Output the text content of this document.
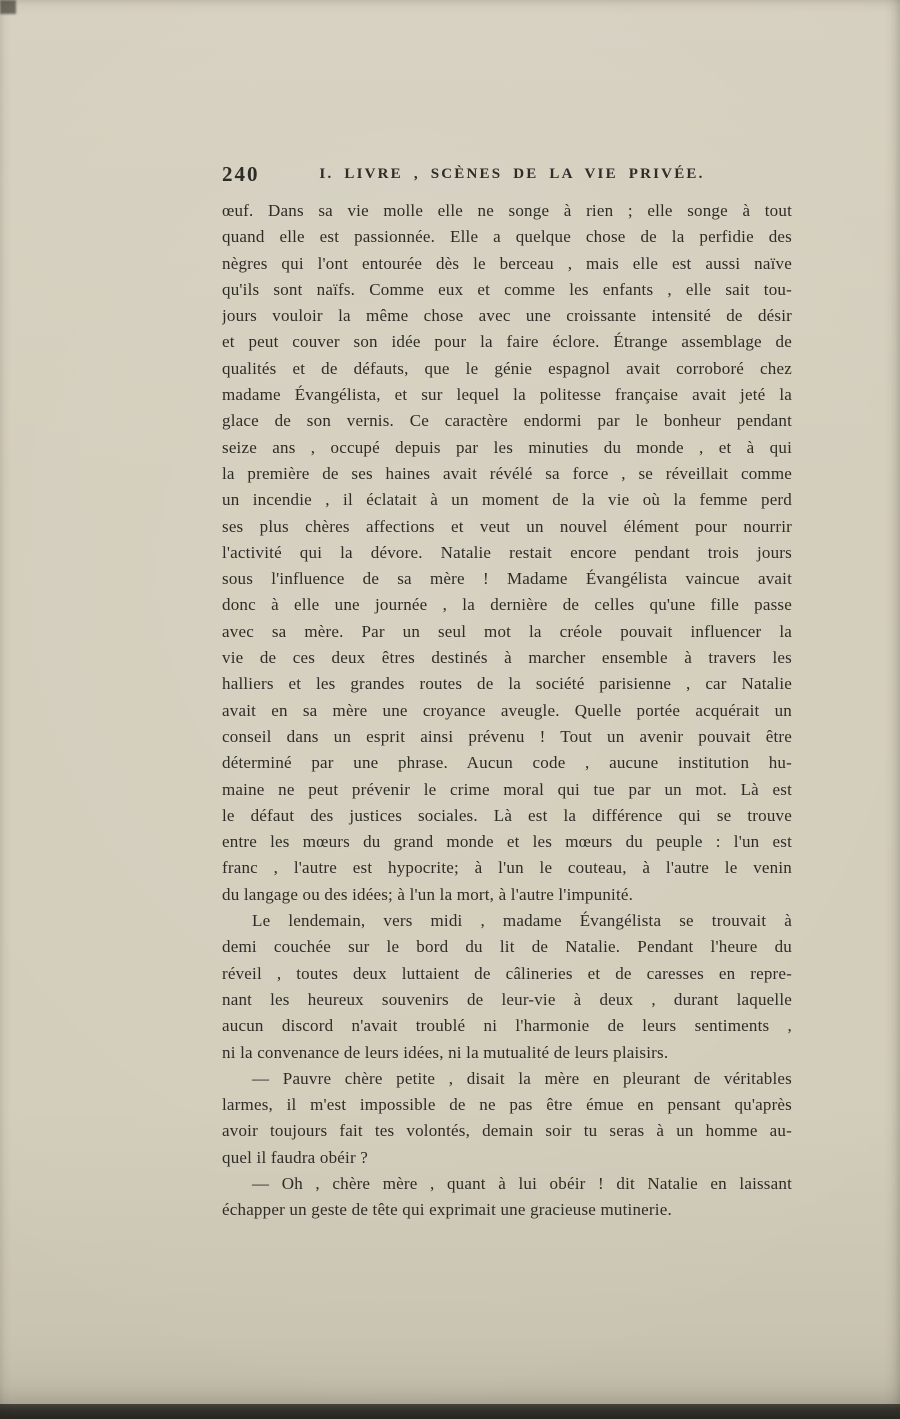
240	I. LIVRE , SCÈNES DE LA VIE PRIVÉE.
œuf. Dans sa vie molle elle ne songe à rien ; elle songe à tout
quand elle est passionnée. Elle a quelque chose de la perfidie des
nègres qui l'ont entourée dès le berceau , mais elle est aussi naïve
qu'ils sont naïfs. Comme eux et comme les enfants , elle sait tou-
jours vouloir la même chose avec une croissante intensité de désir
et peut couver son idée pour la faire éclore. Étrange assemblage de
qualités et de défauts, que le génie espagnol avait corroboré chez
madame Évangélista, et sur lequel la politesse française avait jeté la
glace de son vernis. Ce caractère endormi par le bonheur pendant
seize ans , occupé depuis par les minuties du monde , et à qui
la première de ses haines avait révélé sa force , se réveillait comme
un incendie , il éclatait à un moment de la vie où la femme perd
ses plus chères affections et veut un nouvel élément pour nourrir
l'activité qui la dévore. Natalie restait encore pendant trois jours
sous l'influence de sa mère ! Madame Évangélista vaincue avait
donc à elle une journée , la dernière de celles qu'une fille passe
avec sa mère. Par un seul mot la créole pouvait influencer la
vie de ces deux êtres destinés à marcher ensemble à travers les
halliers et les grandes routes de la société parisienne , car Natalie
avait en sa mère une croyance aveugle. Quelle portée acquérait un
conseil dans un esprit ainsi prévenu ! Tout un avenir pouvait être
déterminé par une phrase. Aucun code , aucune institution hu-
maine ne peut prévenir le crime moral qui tue par un mot. Là est
le défaut des justices sociales. Là est la différence qui se trouve
entre les mœurs du grand monde et les mœurs du peuple : l'un est
franc , l'autre est hypocrite; à l'un le couteau, à l'autre le venin
du langage ou des idées; à l'un la mort, à l'autre l'impunité.
Le lendemain, vers midi , madame Évangélista se trouvait à
demi couchée sur le bord du lit de Natalie. Pendant l'heure du
réveil , toutes deux luttaient de câlineries et de caresses en repre-
nant les heureux souvenirs de leur-vie à deux , durant laquelle
aucun discord n'avait troublé ni l'harmonie de leurs sentiments ,
ni la convenance de leurs idées, ni la mutualité de leurs plaisirs.
— Pauvre chère petite , disait la mère en pleurant de véritables
larmes, il m'est impossible de ne pas être émue en pensant qu'après
avoir toujours fait tes volontés, demain soir tu seras à un homme au-
quel il faudra obéir ?
— Oh , chère mère , quant à lui obéir ! dit Natalie en laissant
échapper un geste de tête qui exprimait une gracieuse mutinerie.
